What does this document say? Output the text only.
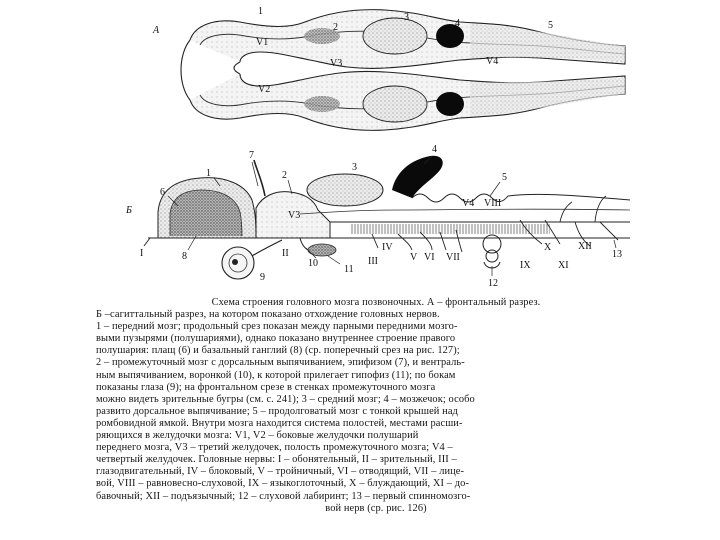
А
1
2
3
4	5
V1
V3
V2
V4
Б
7
1	2
3
4
5
6
8
9
10
11
12
13
V3
V4
I	II
III
IV
V VI VII
VIII
IX
X
XI
XII
Схема строения головного мозга позвоночных. А – фронтальный разрез.
Б –сагиттальный разрез, на котором показано отхождение головных нервов.
1 – передний мозг; продольный срез показан между парными передними мозго-
выми пузырями (полушариями), однако показано внутреннее строение правого
полушария: плащ (6) и базальный ганглий (8) (ср. поперечный срез на рис. 127);
2 – промежуточный мозг с дорсальным выпячиванием, эпифизом (7), и вентраль-
ным выпячиванием, воронкой (10), к которой прилегает гипофиз (11); по бокам
показаны глаза (9); на фронтальном срезе в стенках промежуточного мозга
можно видеть зрительные бугры (см. с. 241); 3 – средний мозг; 4 – мозжечок; особо
развито дорсальное выпячивание; 5 – продолговатый мозг с тонкой крышей над
ромбовидной ямкой. Внутри мозга находится система полостей, местами расши-
ряющихся в желудочки мозга: V1, V2 – боковые желудочки полушарий
переднего мозга, V3 – третий желудочек, полость промежуточного мозга; V4 –
четвертый желудочек. Головные нервы: I – обонятельный, II – зрительный, III –
глазодвигательный, IV – блоковый, V – тройничный, VI – отводящий, VII – лице-
вой, VIII – равновесно-слуховой, IX – языкоглоточный, X – блуждающий, XI – до-
бавочный; XII – подъязычный; 12 – слуховой лабиринт; 13 – первый спинномозго-
вой нерв (ср. рис. 126)
